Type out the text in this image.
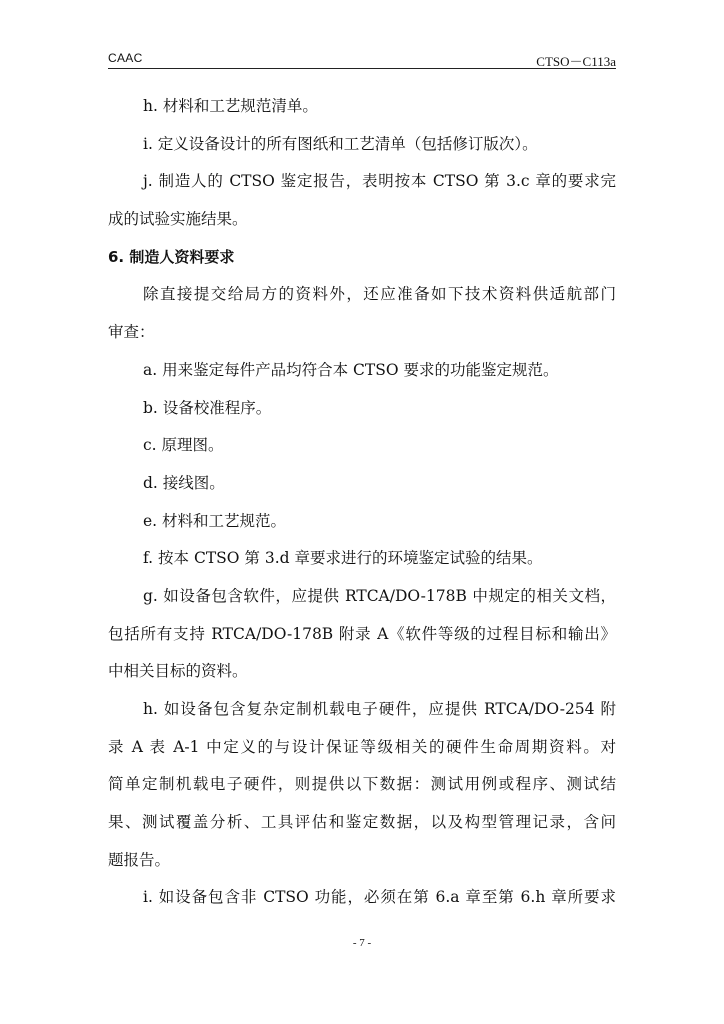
CAAC	CTSO－C113a
h. 材料和工艺规范清单。
i. 定义设备设计的所有图纸和工艺清单（包括修订版次）。
j. 制造人的 CTSO 鉴定报告，表明按本 CTSO 第 3.c 章的要求完
成的试验实施结果。
6. 制造人资料要求
除直接提交给局方的资料外，还应准备如下技术资料供适航部门
审查：
a. 用来鉴定每件产品均符合本 CTSO 要求的功能鉴定规范。
b. 设备校准程序。
c. 原理图。
d. 接线图。
e. 材料和工艺规范。
f. 按本 CTSO 第 3.d 章要求进行的环境鉴定试验的结果。
g. 如设备包含软件，应提供 RTCA/DO-178B 中规定的相关文档，
包括所有支持 RTCA/DO-178B 附录 A《软件等级的过程目标和输出》
中相关目标的资料。
h. 如设备包含复杂定制机载电子硬件，应提供 RTCA/DO-254 附
录 A 表 A-1 中定义的与设计保证等级相关的硬件生命周期资料。对
简单定制机载电子硬件，则提供以下数据：测试用例或程序、测试结
果、测试覆盖分析、工具评估和鉴定数据，以及构型管理记录，含问
题报告。
i. 如设备包含非 CTSO 功能，必须在第 6.a 章至第 6.h 章所要求
- 7 -
